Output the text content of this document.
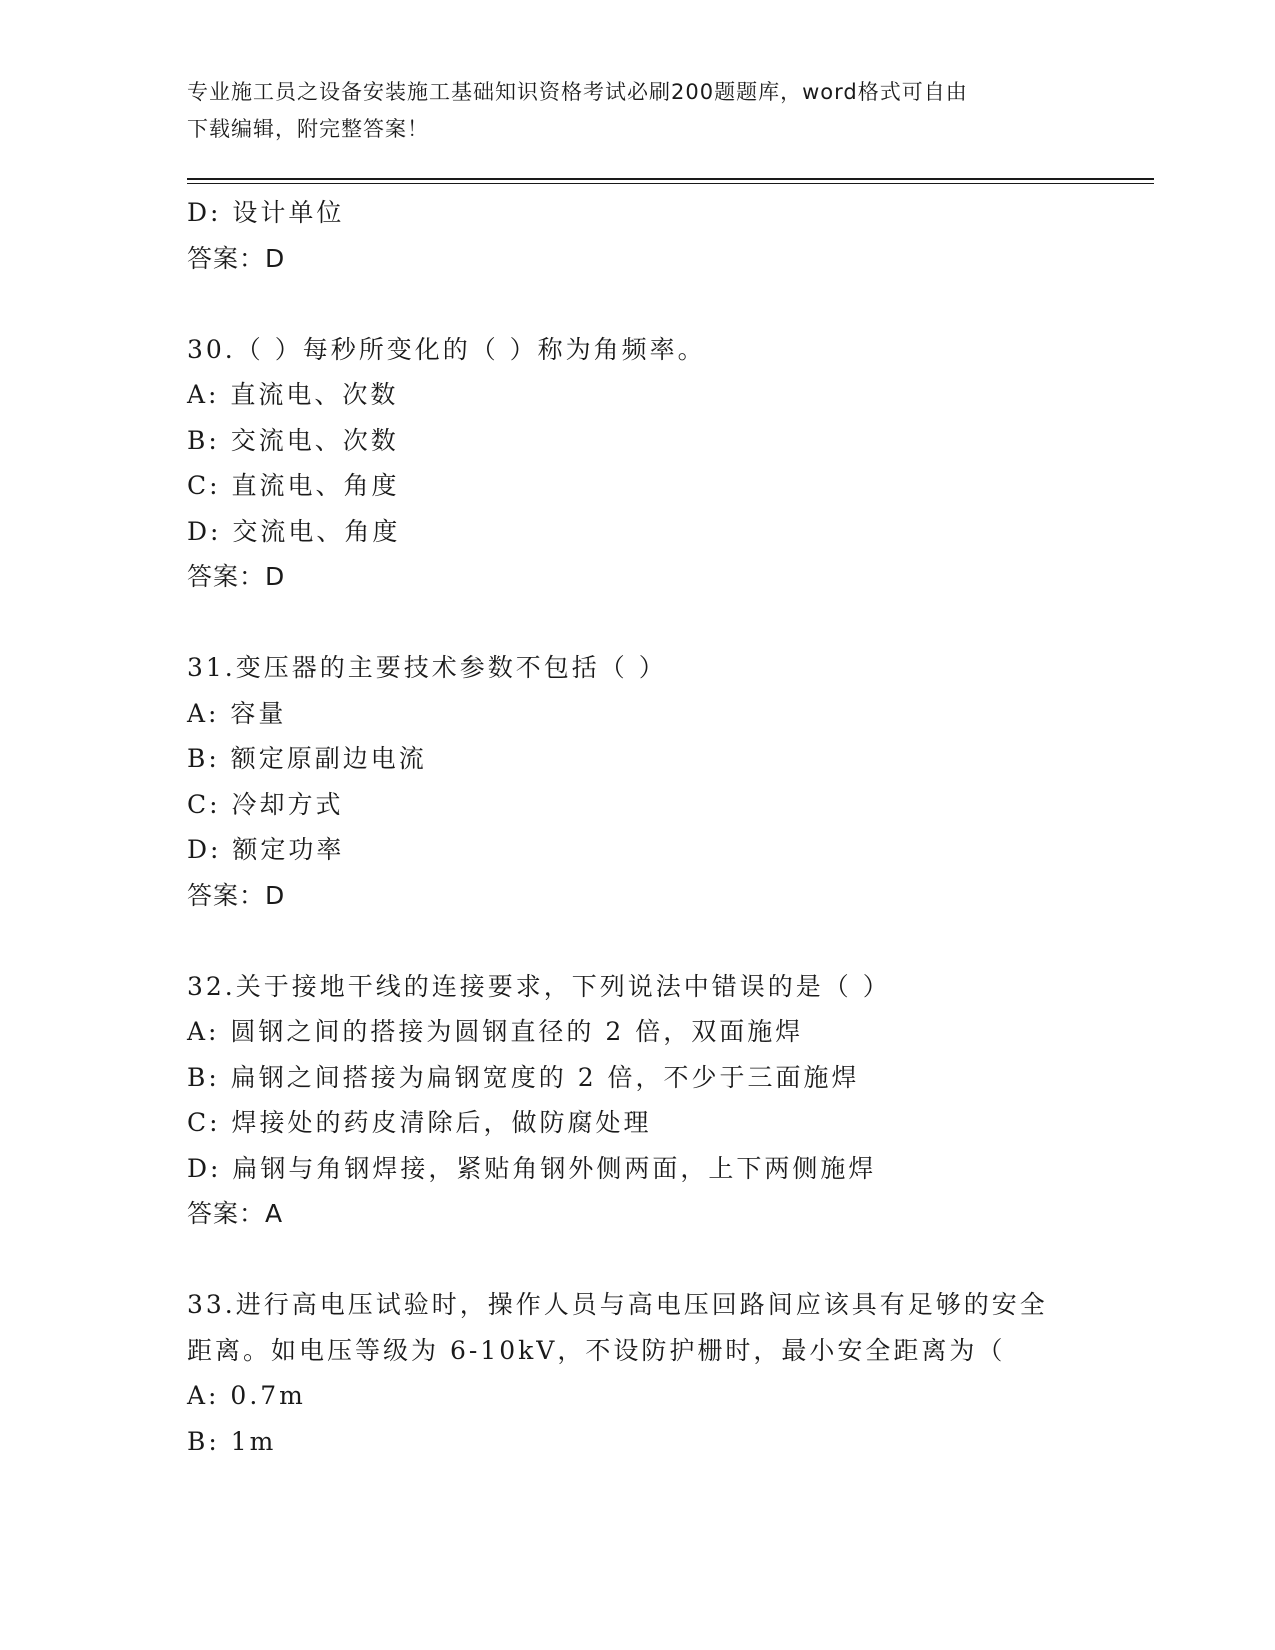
专业施工员之设备安装施工基础知识资格考试必刷200题题库，word格式可自由
下载编辑，附完整答案！
D: 设计单位
答案：D
30.（ ）每秒所变化的（ ）称为角频率。
A: 直流电、次数
B: 交流电、次数
C: 直流电、角度
D: 交流电、角度
答案：D
31.变压器的主要技术参数不包括（ ）
A: 容量
B: 额定原副边电流
C: 冷却方式
D: 额定功率
答案：D
32.关于接地干线的连接要求，下列说法中错误的是（ ）
A: 圆钢之间的搭接为圆钢直径的 2 倍，双面施焊
B: 扁钢之间搭接为扁钢宽度的 2 倍，不少于三面施焊
C: 焊接处的药皮清除后，做防腐处理
D: 扁钢与角钢焊接，紧贴角钢外侧两面，上下两侧施焊
答案：A
33.进行高电压试验时，操作人员与高电压回路间应该具有足够的安全
距离。如电压等级为 6-10kV，不设防护栅时，最小安全距离为（
A: 0.7m
B: 1m
